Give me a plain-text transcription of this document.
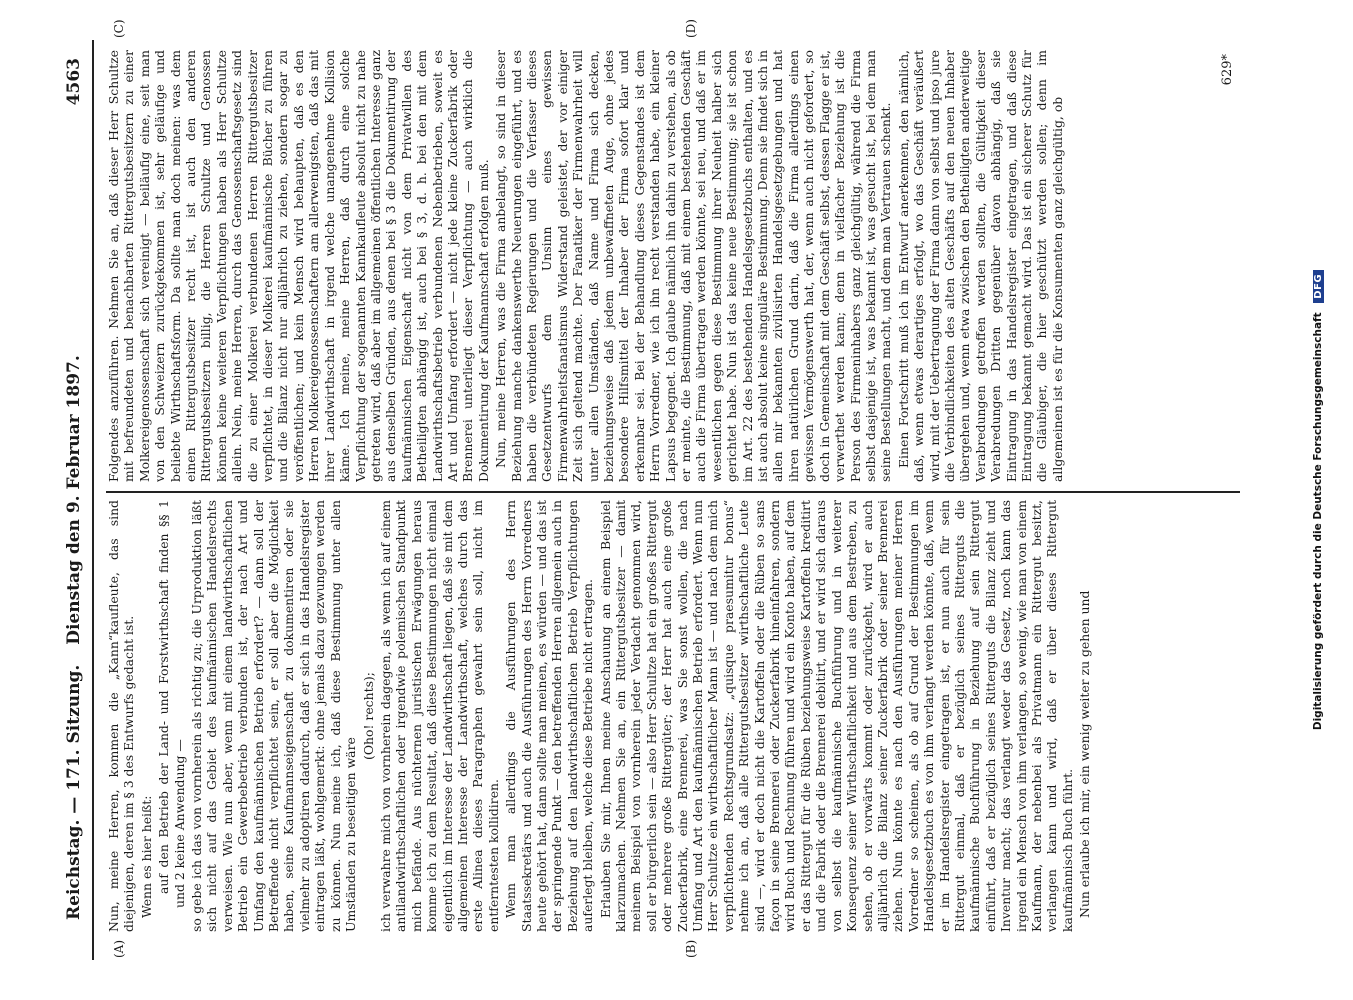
Reichstag. — 171. Sitzung.
Dienstag den 9. Februar 1897.
4563
(A)	(B)
(C)	(D)

Nun, meine Herren, kommen die „Kann“kaufleute, das sind diejenigen, deren im § 3 des Entwurfs gedacht ist. Wenn es hier heißt: auf den Betrieb der Land- und Forstwirthschaft finden §§ 1 und 2 keine Anwendung — so gebe ich das von vornherein als richtig zu; die Urproduktion läßt sich nicht auf das Gebiet des kaufmännischen Handelsrechts verweisen. Wie nun aber, wenn mit einem landwirthschaftlichen Betrieb ein Gewerbebetrieb verbunden ist, der nach Art und Umfang den kaufmännischen Betrieb erfordert? — dann soll der Betreffende nicht verpflichtet sein, er soll aber die Möglichkeit haben, seine Kaufmannseigenschaft zu dokumentiren oder sie vielmehr zu adoptiren dadurch, daß er sich in das Handelsregister eintragen läßt, wohlgemerkt: ohne jemals dazu gezwungen werden zu können. Nun meine ich, daß diese Bestimmung unter allen Umständen zu beseitigen wäre

(Oho! rechts); ich verwahre mich von vornherein dagegen, als wenn ich auf einem antilandwirthschaftlichen oder irgendwie polemischen Standpunkt mich befände. Aus nüchternen juristischen Erwägungen heraus komme ich zu dem Resultat, daß diese Bestimmungen nicht einmal eigentlich im Interesse der Landwirthschaft liegen, daß sie mit dem allgemeinen Interesse der Landwirthschaft, welches durch das erste Alinea dieses Paragraphen gewahrt sein soll, nicht im entferntesten kollidiren. Wenn man allerdings die Ausführungen des Herrn Staatssekretärs und auch die Ausführungen des Herrn Vorredners heute gehört hat, dann sollte man meinen, es würden — und das ist der springende Punkt — den betreffenden Herren allgemein auch in Beziehung auf den landwirthschaftlichen Betrieb Verpflichtungen auferlegt bleiben, welche diese Betriebe nicht ertragen. Erlauben Sie mir, Ihnen meine Anschauung an einem Beispiel klarzumachen. Nehmen Sie an, ein Rittergutsbesitzer — damit meinem Beispiel von vornherein jeder Verdacht genommen wird, soll er bürgerlich sein — also Herr Schultze hat ein großes Rittergut oder mehrere große Rittergüter; der Herr hat auch eine große Zuckerfabrik, eine Brennerei, was Sie sonst wollen, die nach Umfang und Art den kaufmännischen Betrieb erfordert. Wenn nun Herr Schultze ein wirthschaftlicher Mann ist — und nach dem mich verpflichtenden Rechtsgrundsatz: „quisque praesumitur bonus“ nehme ich an, daß alle Rittergutsbesitzer wirthschaftliche Leute sind —, wird er doch nicht die Kartoffeln oder die Rüben so sans façon in seine Brennerei oder Zuckerfabrik hineinfahren, sondern wird Buch und Rechnung führen und wird ein Konto haben, auf dem er das Rittergut für die Rüben beziehungsweise Kartoffeln kreditirt und die Fabrik oder die Brennerei debitirt, und er wird sich daraus von selbst die kaufmännische Buchführung und in weiterer Konsequenz seiner Wirthschaftlichkeit und aus dem Bestreben, zu sehen, ob er vorwärts kommt oder zurückgeht, wird er auch alljährlich die Bilanz seiner Zuckerfabrik oder seiner Brennerei ziehen. Nun könnte es nach den Ausführungen meiner Herren Vorredner so scheinen, als ob auf Grund der Bestimmungen im Handelsgesetzbuch es von ihm verlangt werden könnte, daß, wenn er im Handelsregister eingetragen ist, er nun auch für sein Rittergut einmal, daß er bezüglich seines Ritterguts die kaufmännische Buchführung in Beziehung auf sein Rittergut einführt, daß er bezüglich seines Ritterguts die Bilanz zieht und Inventur macht; das verlangt weder das Gesetz, noch kann das irgend ein Mensch von ihm verlangen, so wenig, wie man von einem Kaufmann, der nebenbei als Privatmann ein Rittergut besitzt, verlangen kann und wird, daß er über dieses Rittergut kaufmännisch Buch führt. Nun erlaube ich mir, ein wenig weiter zu gehen und

Folgendes anzuführen. Nehmen Sie an, daß dieser Herr Schultze mit befreundeten und benachbarten Rittergutsbesitzern zu einer Molkereigenossenschaft sich vereinigt — beiläufig eine, seit man von den Schweizern zurückgekommen ist, sehr geläufige und beliebte Wirthschaftsform. Da sollte man doch meinen: was dem einen Rittergutsbesitzer recht ist, ist auch den anderen Rittergutsbesitzern billig, die Herren Schultze und Genossen können keine weiteren Verpflichtungen haben als Herr Schultze allein. Nein, meine Herren, durch das Genossenschaftsgesetz sind die zu einer Molkerei verbundenen Herren Rittergutsbesitzer verpflichtet, in dieser Molkerei kaufmännische Bücher zu führen und die Bilanz nicht nur alljährlich zu ziehen, sondern sogar zu veröffentlichen; und kein Mensch wird behaupten, daß es den Herren Molkereigenossenschaftern am allerwenigsten, daß das mit ihrer Landwirthschaft in irgend welche unangenehme Kollision käme. Ich meine, meine Herren, daß durch eine solche Verpflichtung der sogenannten Kannkaufleute absolut nicht zu nahe getreten wird, daß aber im allgemeinen öffentlichen Interesse ganz aus denselben Gründen, aus denen bei § 3 die Dokumentirung der kaufmännischen Eigenschaft nicht von dem Privatwillen des Betheiligten abhängig ist, auch bei § 3, d. h. bei den mit dem Landwirthschaftsbetrieb verbundenen Nebenbetrieben, soweit es Art und Umfang erfordert — nicht jede kleine Zuckerfabrik oder Brennerei unterliegt dieser Verpflichtung — auch wirklich die Dokumentirung der Kaufmannschaft erfolgen muß. Nun, meine Herren, was die Firma anbelangt, so sind in dieser Beziehung manche dankenswerthe Neuerungen eingeführt, und es haben die verbündeten Regierungen und die Verfasser dieses Gesetzentwurfs dem Unsinn eines gewissen Firmenwahrheitsfanatismus Widerstand geleistet, der vor einiger Zeit sich geltend machte. Der Fanatiker der Firmenwahrheit will unter allen Umständen, daß Name und Firma sich decken, beziehungsweise daß jedem unbewaffneten Auge, ohne jedes besondere Hilfsmittel der Inhaber der Firma sofort klar und erkennbar sei. Bei der Behandlung dieses Gegenstandes ist dem Herrn Vorredner, wie ich ihn recht verstanden habe, ein kleiner Lapsus begegnet. Ich glaube nämlich ihn dahin zu verstehen, als ob er meinte, die Bestimmung, daß mit einem bestehenden Geschäft auch die Firma übertragen werden könnte, sei neu, und daß er im wesentlichen gegen diese Bestimmung ihrer Neuheit halber sich gerichtet habe. Nun ist das keine neue Bestimmung; sie ist schon im Art. 22 des bestehenden Handelsgesetzbuchs enthalten, und es ist auch absolut keine singuläre Bestimmung. Denn sie findet sich in allen mir bekannten zivilisirten Handelsgesetzgebungen und hat ihren natürlichen Grund darin, daß die Firma allerdings einen gewissen Vermögenswerth hat, der, wenn auch nicht gefordert, so doch in Gemeinschaft mit dem Geschäft selbst, dessen Flagge er ist, verwerthet werden kann; denn in vielfacher Beziehung ist die Person des Firmeninhabers ganz gleichgültig, während die Firma selbst dasjenige ist, was bekannt ist, was gesucht ist, bei dem man seine Bestellungen macht, und dem man Vertrauen schenkt. Einen Fortschritt muß ich im Entwurf anerkennen, den nämlich, daß, wenn etwas derartiges erfolgt, wo das Geschäft veräußert wird, mit der Uebertragung der Firma dann von selbst und ipso jure die Verbindlichkeiten des alten Geschäfts auf den neuen Inhaber übergehen und, wenn etwa zwischen den Betheiligten anderweitige Verabredungen getroffen werden sollten, die Gültigkeit dieser Verabredungen Dritten gegenüber davon abhängig, daß sie Eintragung in das Handelsregister eingetragen, und daß diese Eintragung bekannt gemacht wird. Das ist ein sicherer Schutz für die Gläubiger, die hier geschützt werden sollen; denn im allgemeinen ist es für die Konsumenten ganz gleichgültig, ob

629*
Digitalisierung gefördert durch die Deutsche Forschungsgemeinschaft DFG
